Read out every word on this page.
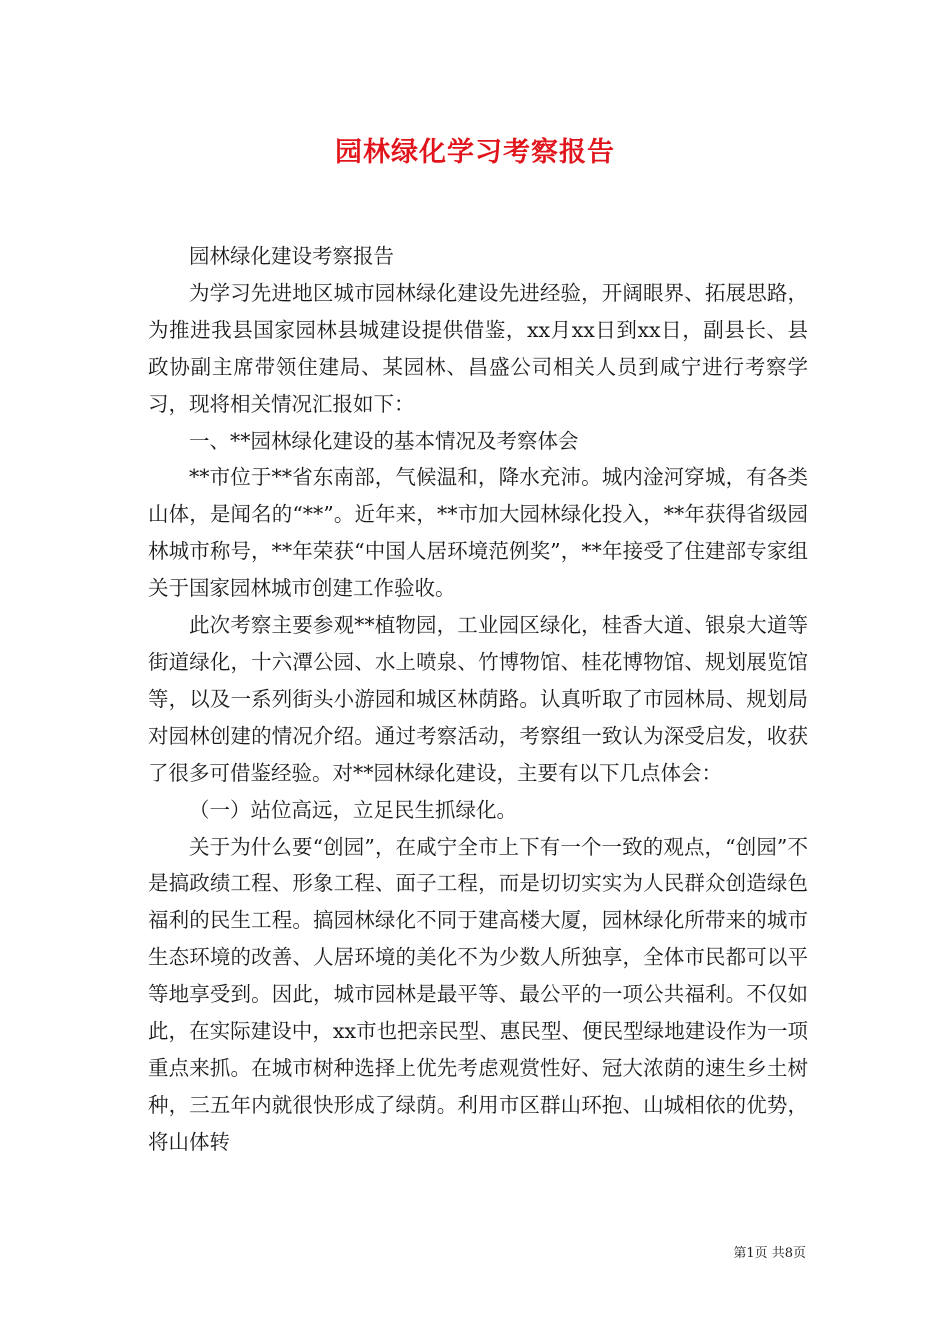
园林绿化学习考察报告

园林绿化建设考察报告

为学习先进地区城市园林绿化建设先进经验，开阔眼界、拓展思路，为推进我县国家园林县城建设提供借鉴，xx月xx日到xx日，副县长、县政协副主席带领住建局、某园林、昌盛公司相关人员到咸宁进行考察学习，现将相关情况汇报如下：

一、**园林绿化建设的基本情况及考察体会

**市位于**省东南部，气候温和，降水充沛。城内淦河穿城，有各类山体，是闻名的“**”。近年来，**市加大园林绿化投入，**年获得省级园林城市称号，**年荣获“中国人居环境范例奖”，**年接受了住建部专家组关于国家园林城市创建工作验收。

此次考察主要参观**植物园，工业园区绿化，桂香大道、银泉大道等街道绿化，十六潭公园、水上喷泉、竹博物馆、桂花博物馆、规划展览馆等，以及一系列街头小游园和城区林荫路。认真听取了市园林局、规划局对园林创建的情况介绍。通过考察活动，考察组一致认为深受启发，收获了很多可借鉴经验。对**园林绿化建设，主要有以下几点体会：

（一）站位高远，立足民生抓绿化。

关于为什么要“创园”，在咸宁全市上下有一个一致的观点，“创园”不是搞政绩工程、形象工程、面子工程，而是切切实实为人民群众创造绿色福利的民生工程。搞园林绿化不同于建高楼大厦，园林绿化所带来的城市生态环境的改善、人居环境的美化不为少数人所独享，全体市民都可以平等地享受到。因此，城市园林是最平等、最公平的一项公共福利。不仅如此，在实际建设中，xx市也把亲民型、惠民型、便民型绿地建设作为一项重点来抓。在城市树种选择上优先考虑观赏性好、冠大浓荫的速生乡土树种，三五年内就很快形成了绿荫。利用市区群山环抱、山城相依的优势，将山体转

第1页 共8页
